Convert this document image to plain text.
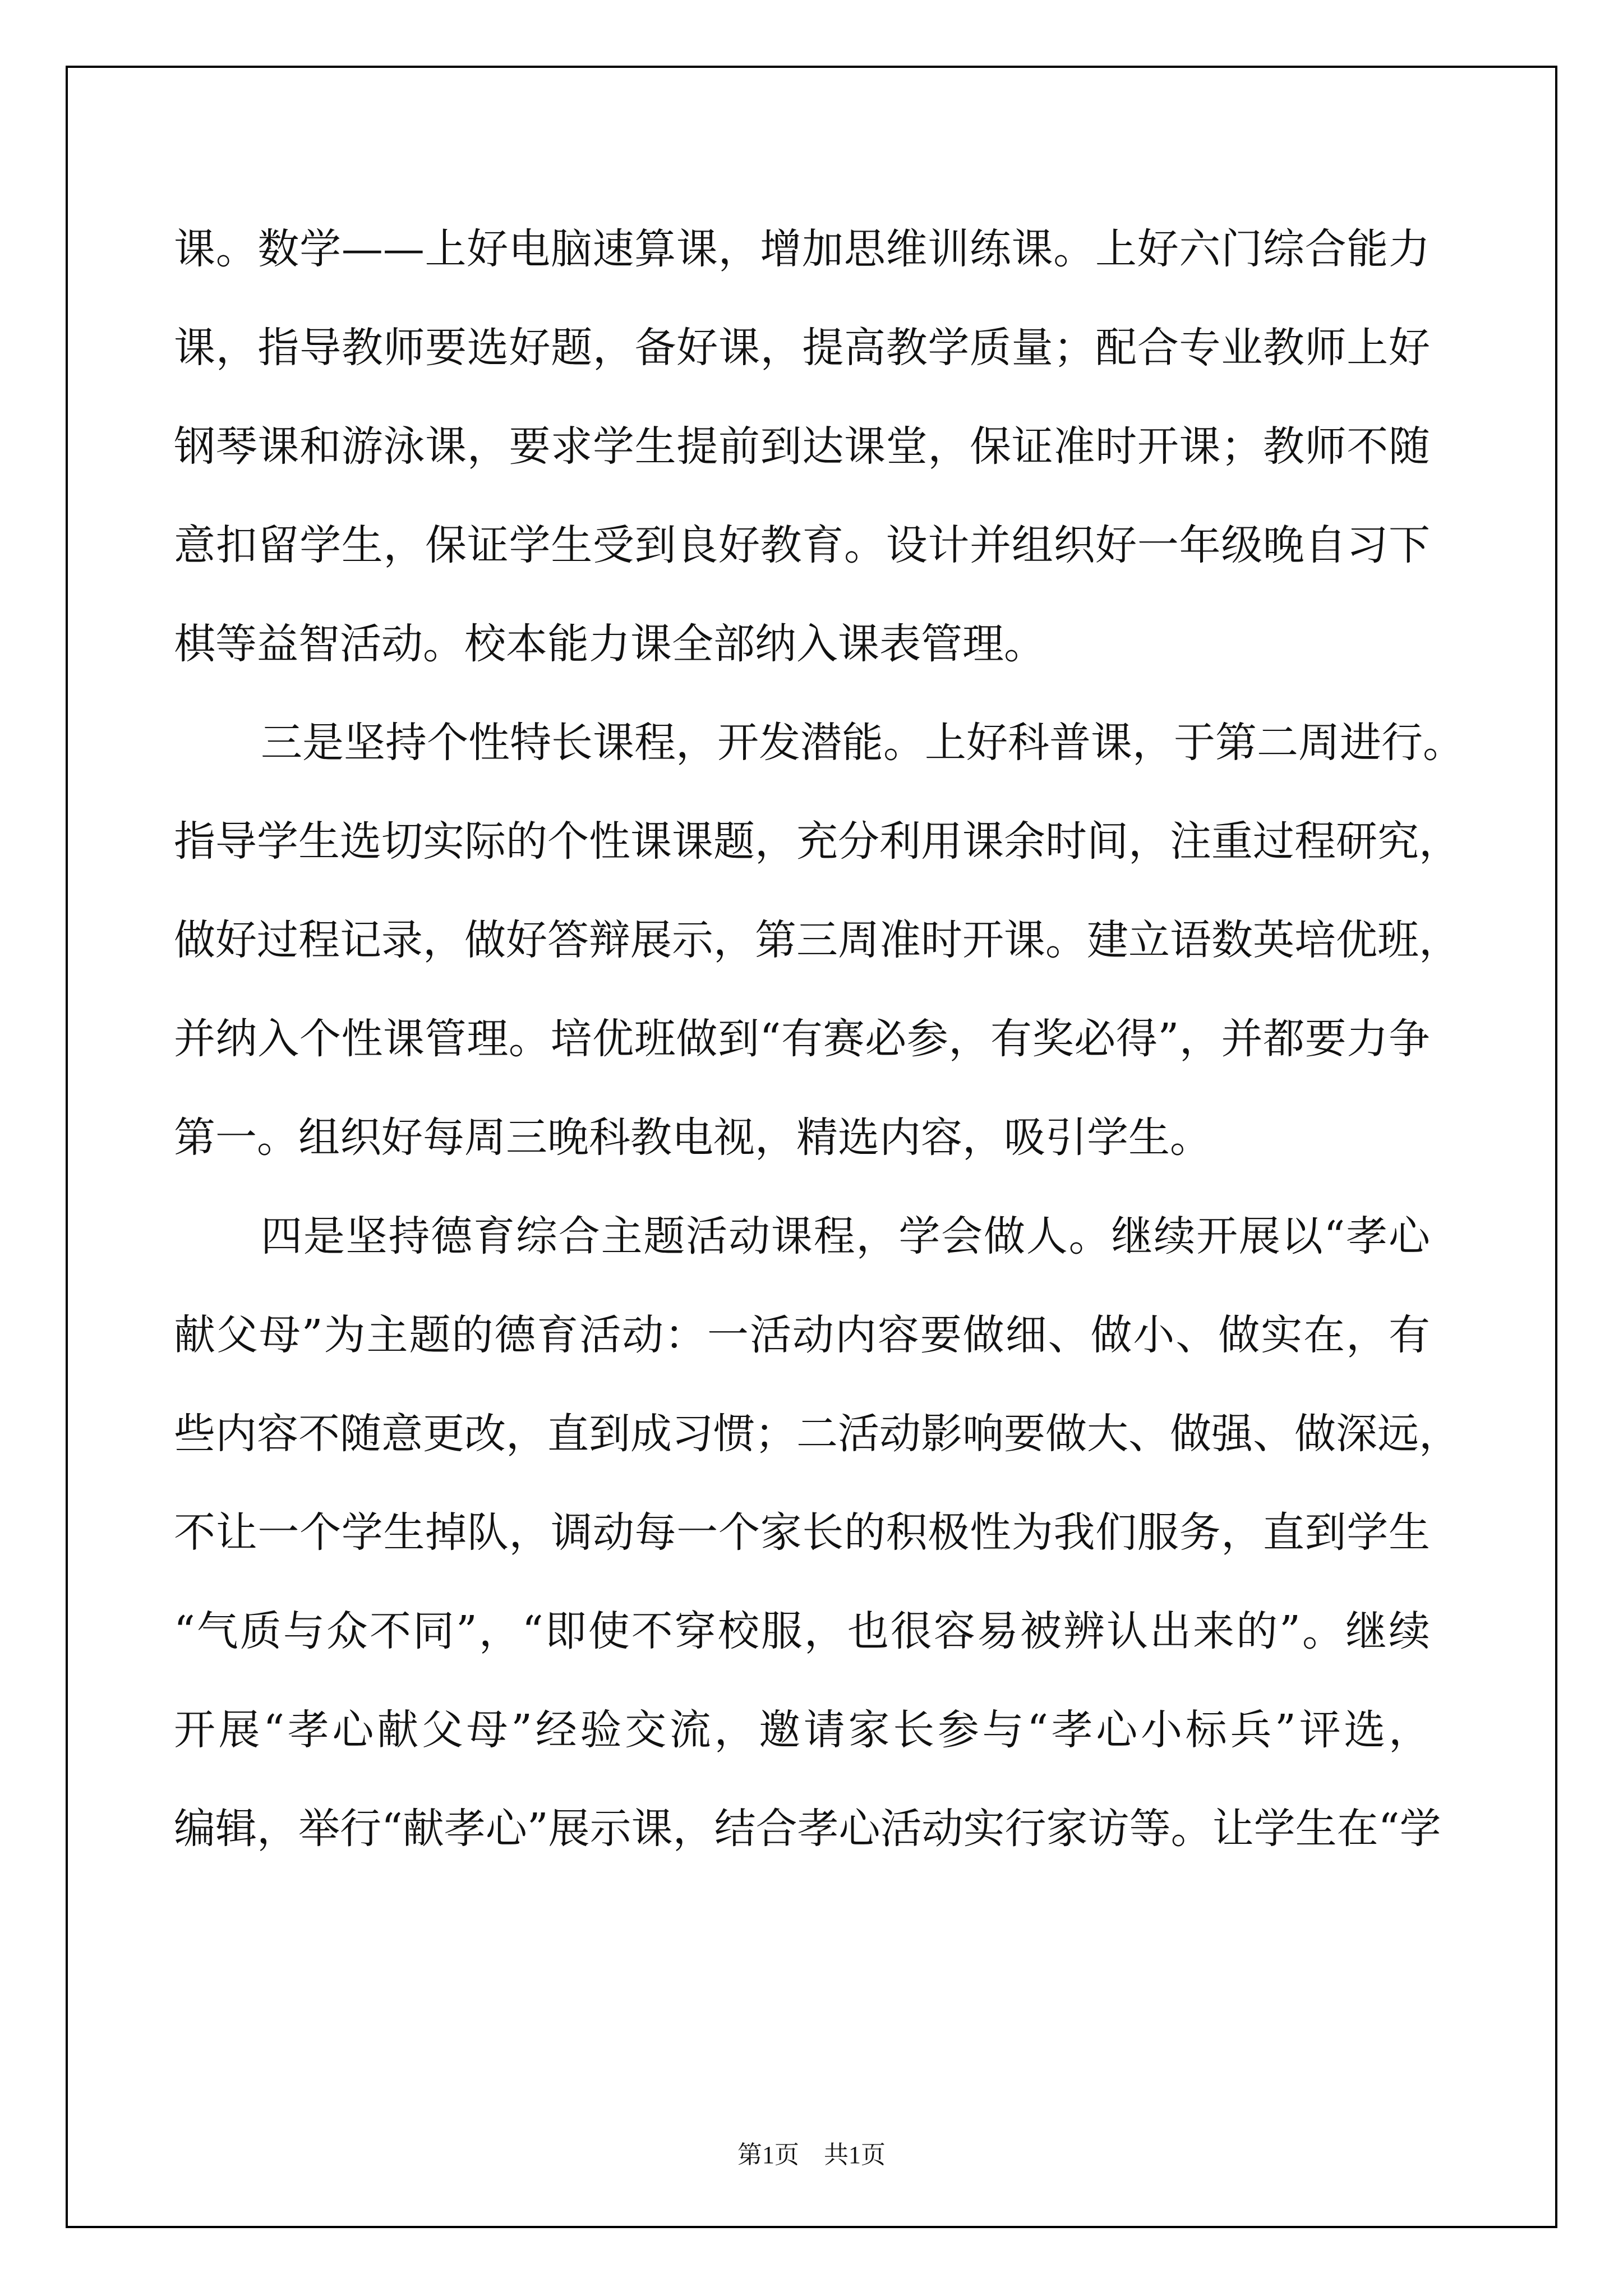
课。数学——上好电脑速算课，增加思维训练课。上好六门综合能力
课，指导教师要选好题，备好课，提高教学质量；配合专业教师上好
钢琴课和游泳课，要求学生提前到达课堂，保证准时开课；教师不随
意扣留学生，保证学生受到良好教育。设计并组织好一年级晚自习下
棋等益智活动。校本能力课全部纳入课表管理。
三是坚持个性特长课程，开发潜能。上好科普课，于第二周进行。
指导学生选切实际的个性课课题，充分利用课余时间，注重过程研究，
做好过程记录，做好答辩展示，第三周准时开课。建立语数英培优班，
并纳入个性课管理。培优班做到“有赛必参，有奖必得”，并都要力争
第一。组织好每周三晚科教电视，精选内容，吸引学生。
四是坚持德育综合主题活动课程，学会做人。继续开展以“孝心
献父母”为主题的德育活动：一活动内容要做细、做小、做实在，有
些内容不随意更改，直到成习惯；二活动影响要做大、做强、做深远，
不让一个学生掉队，调动每一个家长的积极性为我们服务，直到学生
“气质与众不同”，“即使不穿校服，也很容易被辨认出来的”。继续
开展“孝心献父母”经验交流，邀请家长参与“孝心小标兵”评选，
编辑，举行“献孝心”展示课，结合孝心活动实行家访等。让学生在“学
第1页　共1页
